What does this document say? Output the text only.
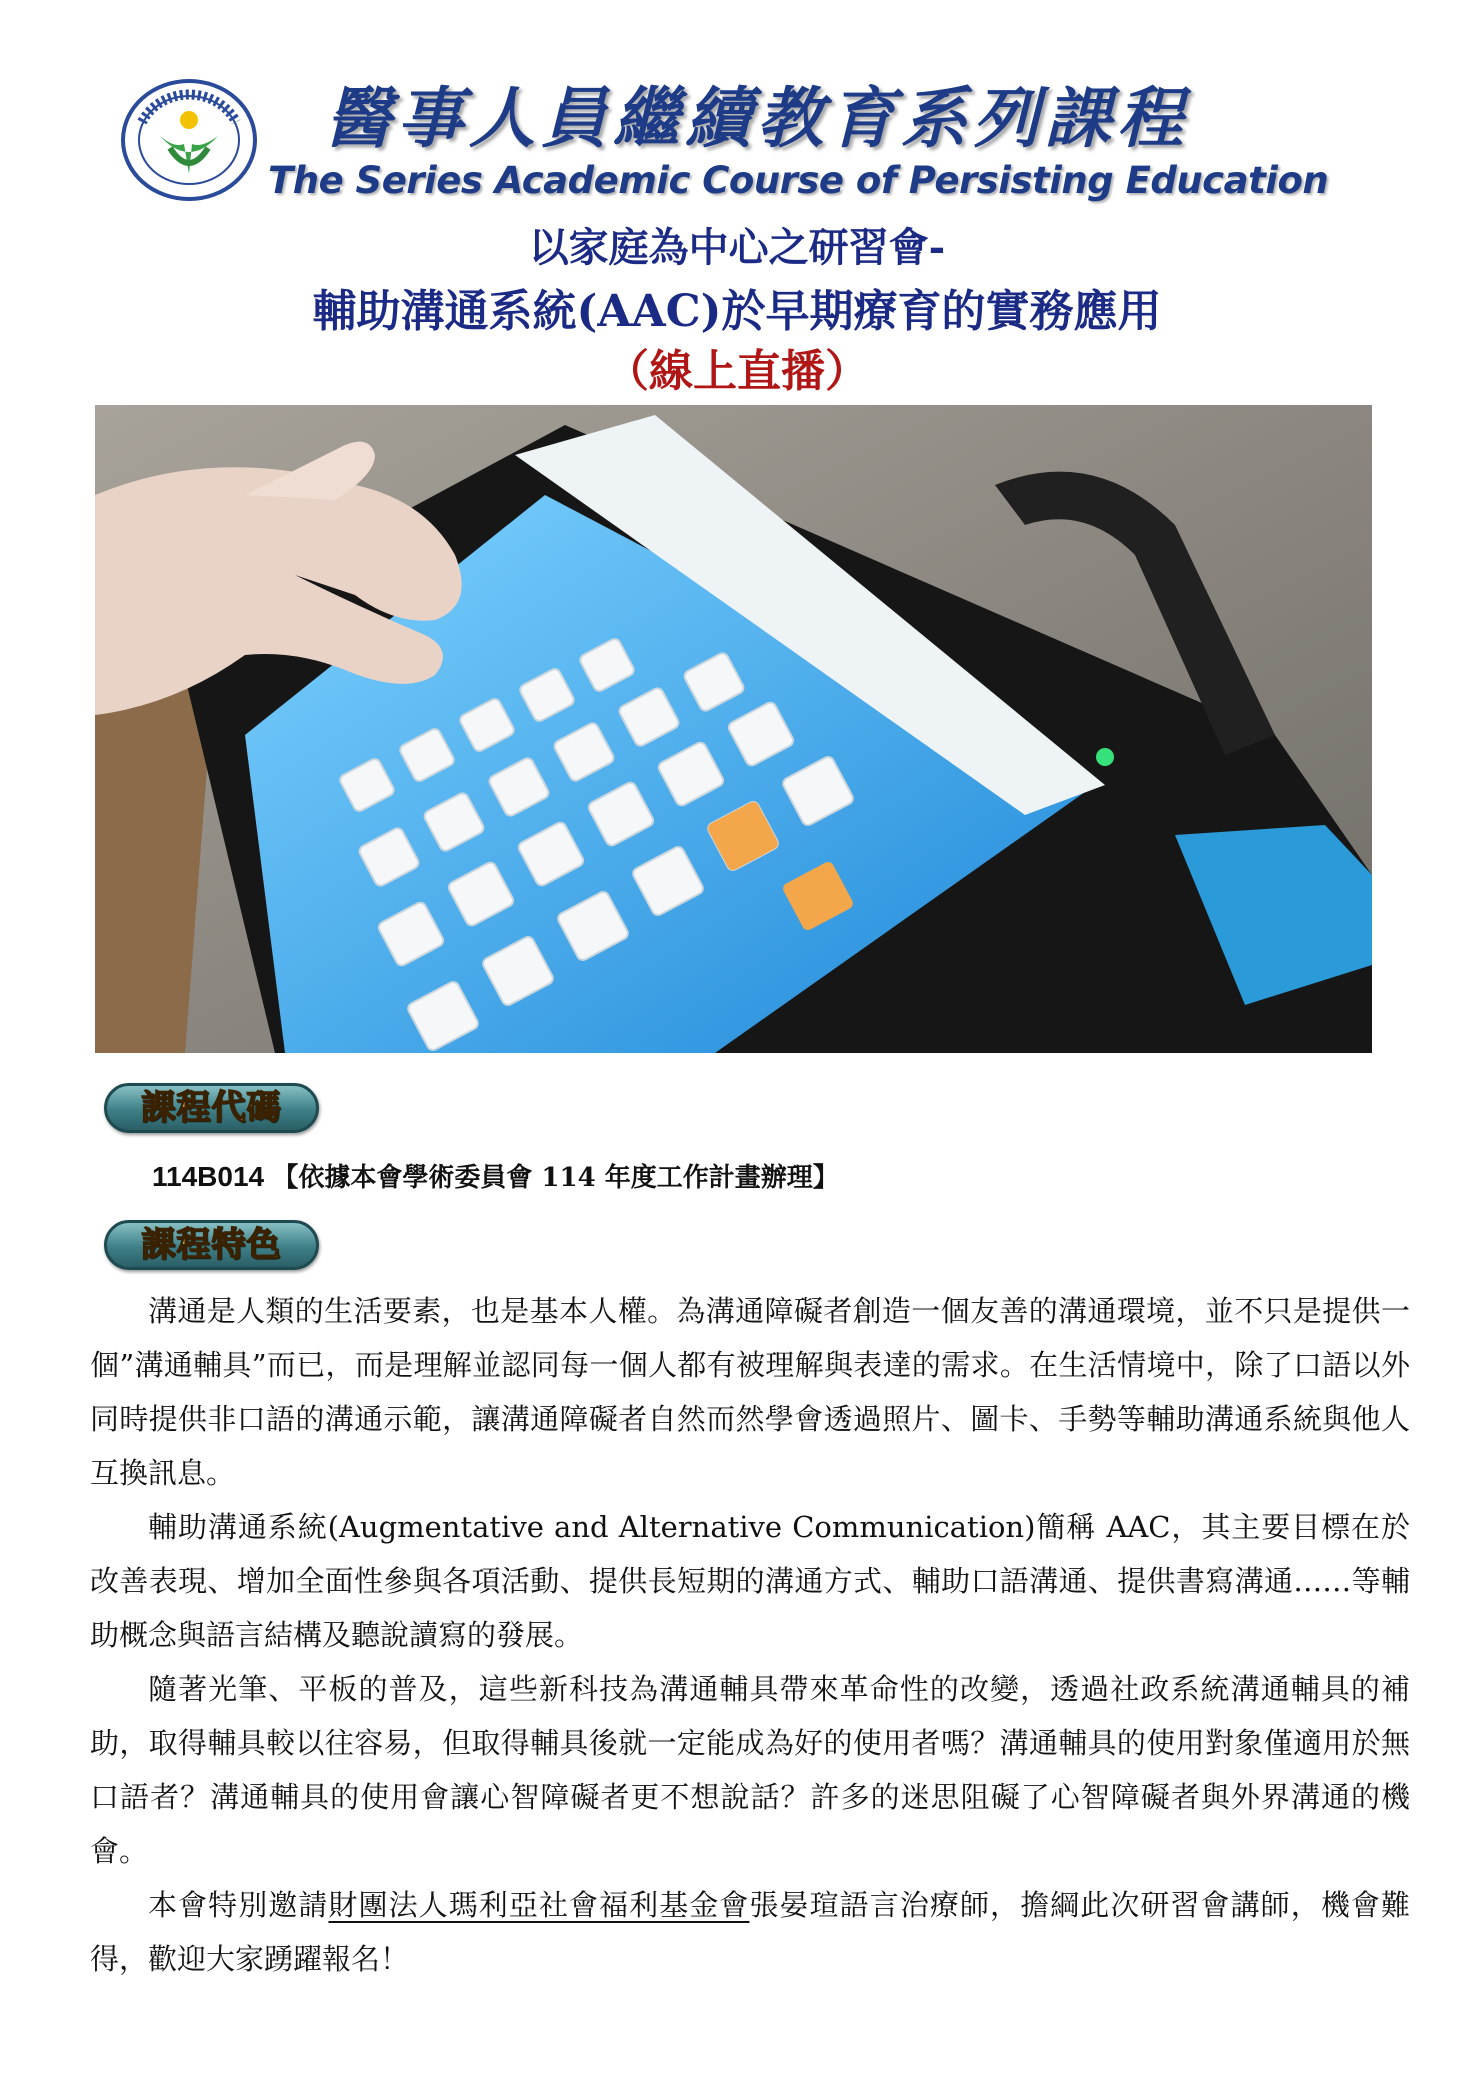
醫事人員繼續教育系列課程
The Series Academic Course of Persisting Education
以家庭為中心之研習會-
輔助溝通系統(AAC)於早期療育的實務應用
（線上直播）
課程代碼
114B014 【依據本會學術委員會 114 年度工作計畫辦理】
課程特色

溝通是人類的生活要素，也是基本人權。為溝通障礙者創造一個友善的溝通環境，並不只是提供一個”溝通輔具”而已，而是理解並認同每一個人都有被理解與表達的需求。在生活情境中，除了口語以外同時提供非口語的溝通示範，讓溝通障礙者自然而然學會透過照片、圖卡、手勢等輔助溝通系統與他人互換訊息。

輔助溝通系統(Augmentative and Alternative Communication)簡稱 AAC，其主要目標在於改善表現、增加全面性參與各項活動、提供長短期的溝通方式、輔助口語溝通、提供書寫溝通……等輔助概念與語言結構及聽說讀寫的發展。

隨著光筆、平板的普及，這些新科技為溝通輔具帶來革命性的改變，透過社政系統溝通輔具的補助，取得輔具較以往容易，但取得輔具後就一定能成為好的使用者嗎？溝通輔具的使用對象僅適用於無口語者？溝通輔具的使用會讓心智障礙者更不想說話？許多的迷思阻礙了心智障礙者與外界溝通的機會。

本會特別邀請財團法人瑪利亞社會福利基金會張晏瑄語言治療師，擔綱此次研習會講師，機會難得，歡迎大家踴躍報名！
